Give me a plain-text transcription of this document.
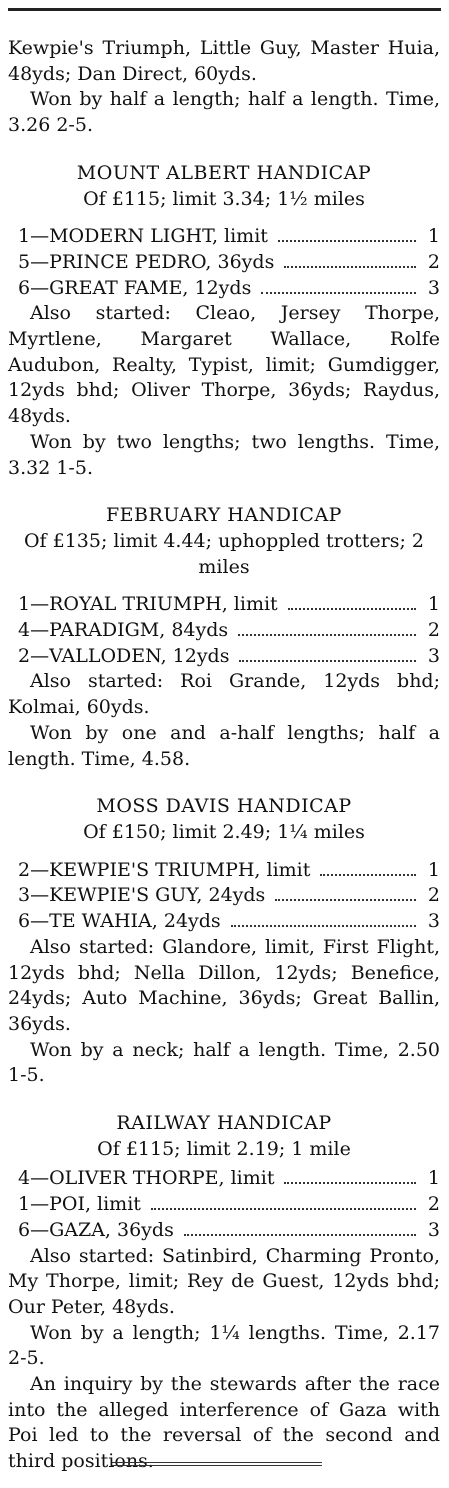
Kewpie's Triumph, Little Guy, Master Huia, 48yds; Dan Direct, 60yds.

Won by half a length; half a length. Time, 3.26 2-5.

MOUNT ALBERT HANDICAP
Of £115; limit 3.34; 1½ miles
1—MODERN LIGHT, limit	1
5—PRINCE PEDRO, 36yds	2
6—GREAT FAME, 12yds	3

Also started: Cleao, Jersey Thorpe, Myrtlene, Margaret Wallace, Rolfe Audubon, Realty, Typist, limit; Gumdigger, 12yds bhd; Oliver Thorpe, 36yds; Raydus, 48yds.

Won by two lengths; two lengths. Time, 3.32 1-5.

FEBRUARY HANDICAP
Of £135; limit 4.44; uphoppled trotters; 2 miles
1—ROYAL TRIUMPH, limit	1
4—PARADIGM, 84yds	2
2—VALLODEN, 12yds	3

Also started: Roi Grande, 12yds bhd; Kolmai, 60yds.

Won by one and a-half lengths; half a length. Time, 4.58.

MOSS DAVIS HANDICAP
Of £150; limit 2.49; 1¼ miles
2—KEWPIE'S TRIUMPH, limit	1
3—KEWPIE'S GUY, 24yds	2
6—TE WAHIA, 24yds	3

Also started: Glandore, limit, First Flight, 12yds bhd; Nella Dillon, 12yds; Benefice, 24yds; Auto Machine, 36yds; Great Ballin, 36yds.

Won by a neck; half a length. Time, 2.50 1-5.

RAILWAY HANDICAP
Of £115; limit 2.19; 1 mile
4—OLIVER THORPE, limit	1
1—POI, limit	2
6—GAZA, 36yds	3

Also started: Satinbird, Charming Pronto, My Thorpe, limit; Rey de Guest, 12yds bhd; Our Peter, 48yds.

Won by a length; 1¼ lengths. Time, 2.17 2-5.

An inquiry by the stewards after the race into the alleged interference of Gaza with Poi led to the reversal of the second and third positions.
